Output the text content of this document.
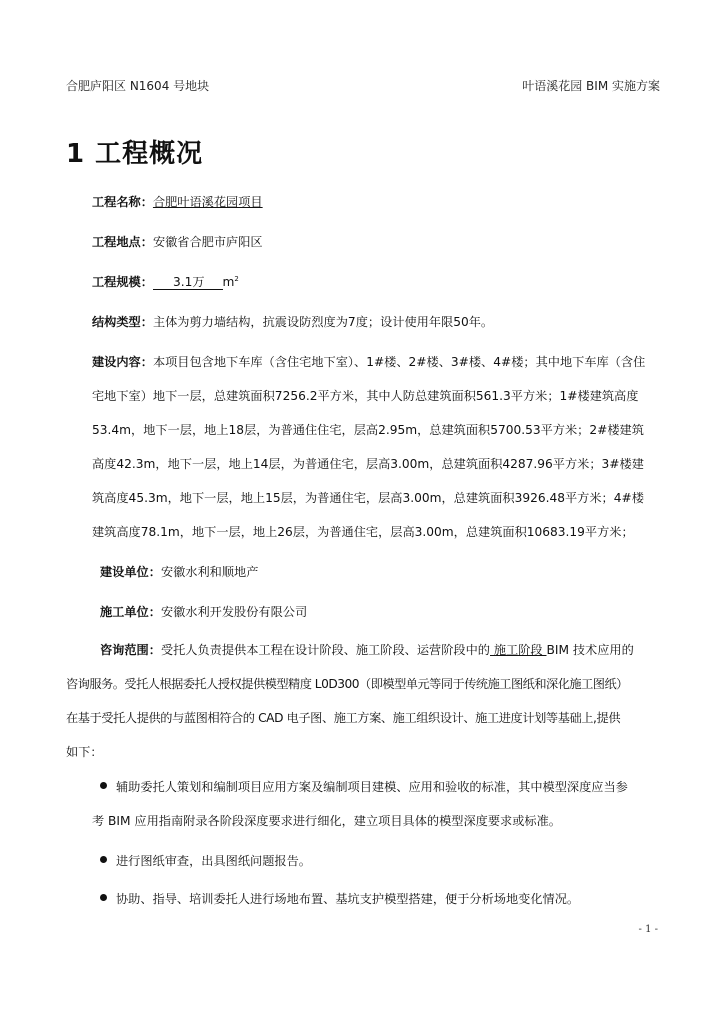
合肥庐阳区 N1604 号地块	叶语溪花园 BIM 实施方案
1 工程概况
工程名称：合肥叶语溪花园项目
工程地点：安徽省合肥市庐阳区
工程规模： 3.1万 $m^2$
结构类型：主体为剪力墙结构，抗震设防烈度为7度；设计使用年限50年。
建设内容：本项目包含地下车库（含住宅地下室）、1#楼、2#楼、3#楼、4#楼；其中地下车库（含住
宅地下室）地下一层，总建筑面积7256.2平方米，其中人防总建筑面积561.3平方米；1#楼建筑高度
53.4m，地下一层，地上18层，为普通住住宅，层高2.95m，总建筑面积5700.53平方米；2#楼建筑
高度42.3m，地下一层，地上14层，为普通住宅，层高3.00m，总建筑面积4287.96平方米；3#楼建
筑高度45.3m，地下一层，地上15层，为普通住宅，层高3.00m，总建筑面积3926.48平方米；4#楼
建筑高度78.1m，地下一层，地上26层，为普通住宅，层高3.00m，总建筑面积10683.19平方米；
建设单位：安徽水利和顺地产
施工单位：安徽水利开发股份有限公司
咨询范围：受托人负责提供本工程在设计阶段、施工阶段、运营阶段中的 施工阶段 BIM 技术应用的
咨询服务。受托人根据委托人授权提供模型精度 L0D300（即模型单元等同于传统施工图纸和深化施工图纸）
在基于受托人提供的与蓝图相符合的 CAD 电子图、施工方案、施工组织设计、施工进度计划等基础上,提供
如下：
辅助委托人策划和编制项目应用方案及编制项目建模、应用和验收的标准，其中模型深度应当参
考 BIM 应用指南附录各阶段深度要求进行细化，建立项目具体的模型深度要求或标准。
进行图纸审查，出具图纸问题报告。
协助、指导、培训委托人进行场地布置、基坑支护模型搭建，便于分析场地变化情况。
- 1 -
